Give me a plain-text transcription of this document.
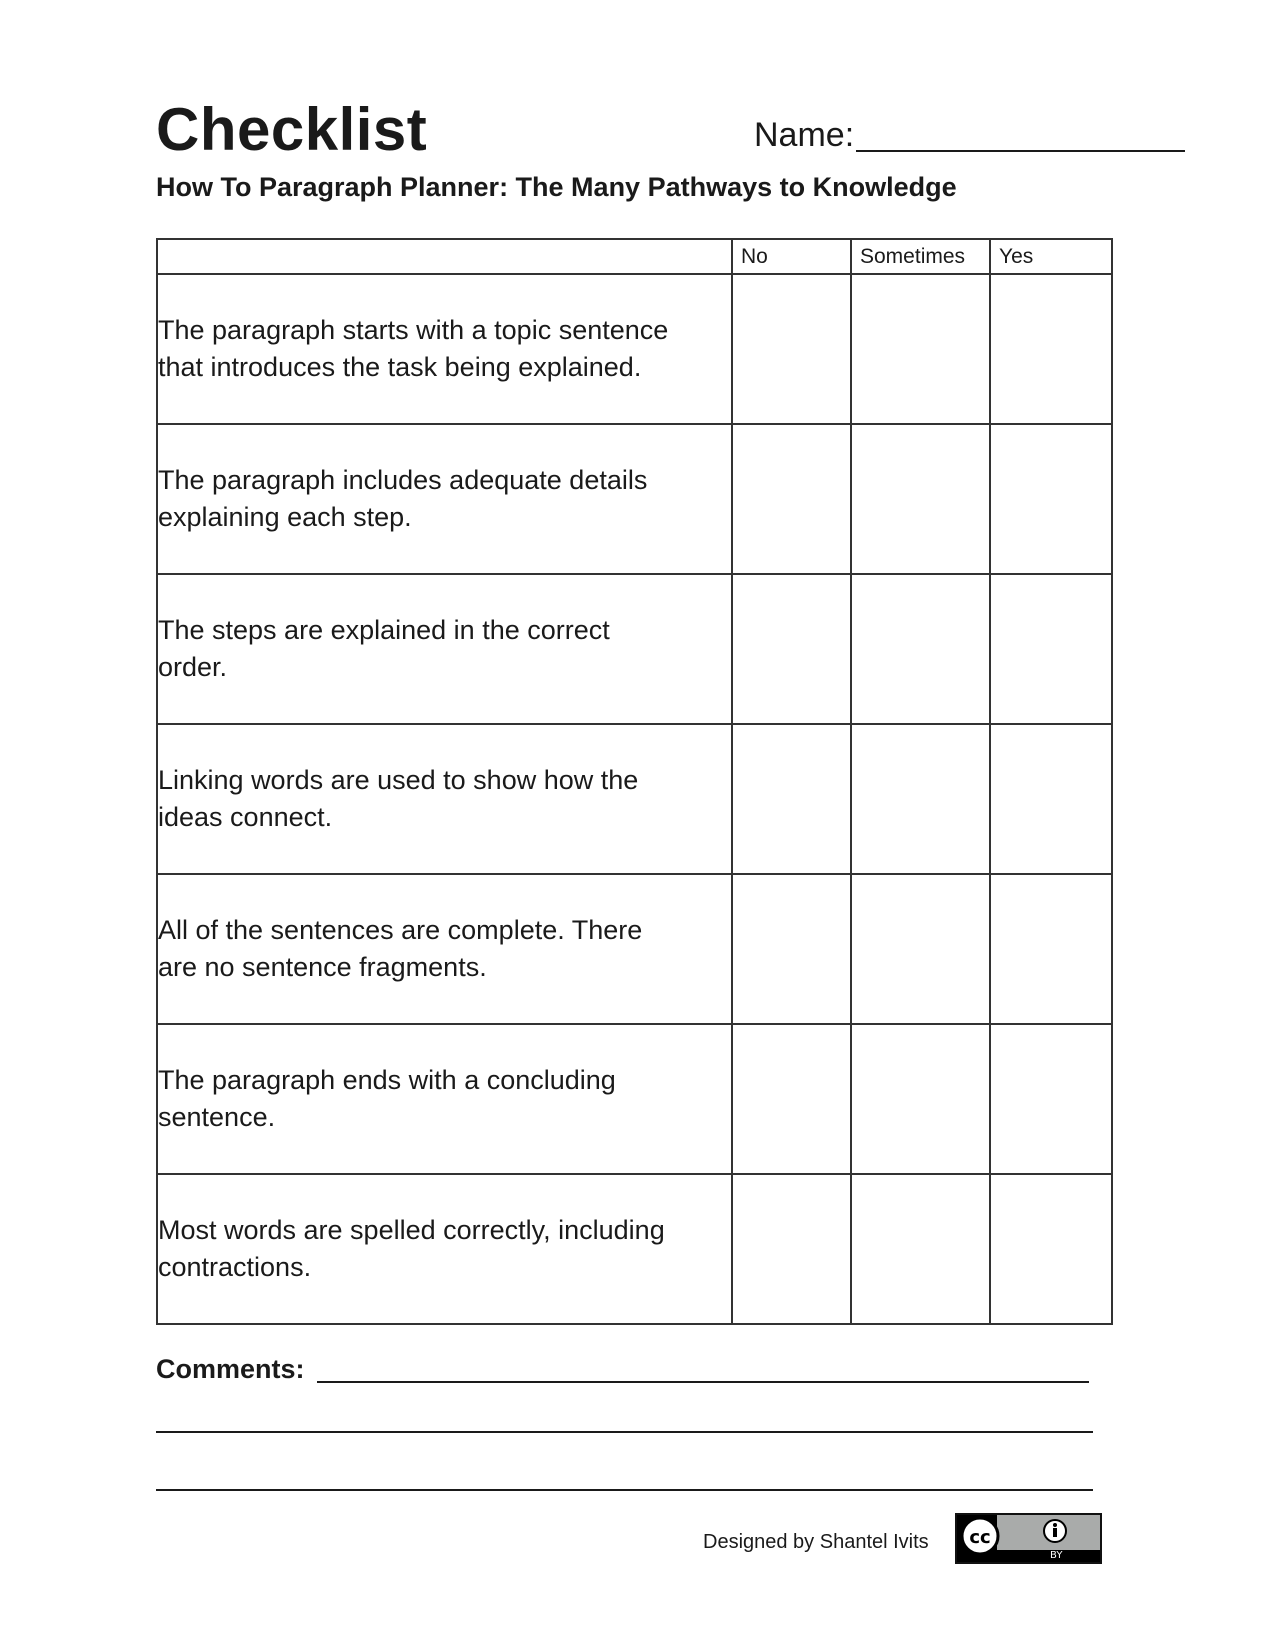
Checklist	Name:
How To Paragraph Planner: The Many Pathways to Knowledge
	No	Sometimes	Yes

The paragraph starts with a topic sentence
that introduces the task being explained.			

The paragraph includes adequate details
explaining each step.			

The steps are explained in the correct
order.			

Linking words are used to show how the
ideas connect.			

All of the sentences are complete. There
are no sentence fragments.			

The paragraph ends with a concluding
sentence.			

Most words are spelled correctly, including
contractions.			

Comments:
Designed by Shantel Ivits cc
BY
